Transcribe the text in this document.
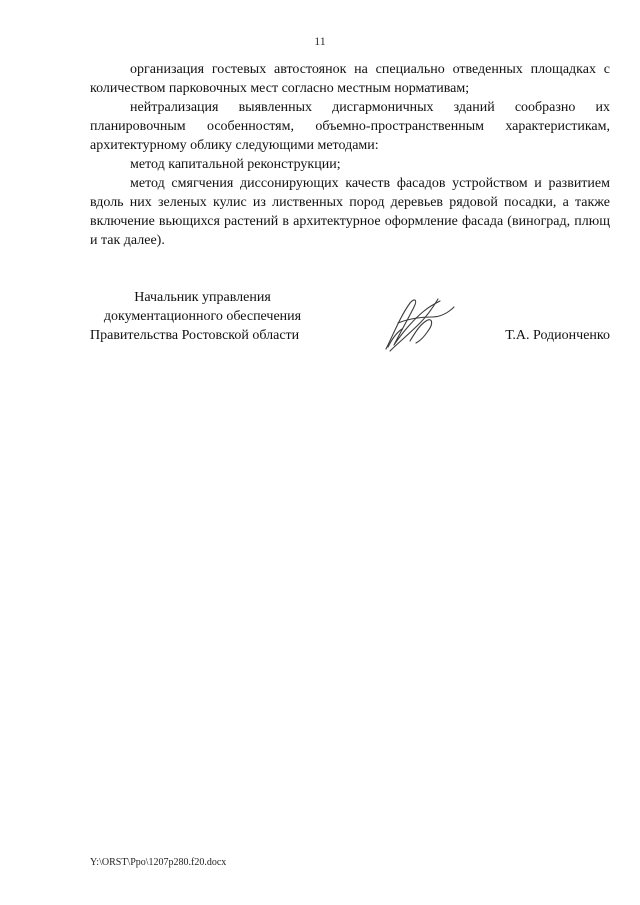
11

организация гостевых автостоянок на специально отведенных площадках с количеством парковочных мест согласно местным нормативам;

нейтрализация выявленных дисгармоничных зданий сообразно их планировочным особенностям, объемно-пространственным характеристикам, архитектурному облику следующими методами:

метод капитальной реконструкции;

метод смягчения диссонирующих качеств фасадов устройством и развитием вдоль них зеленых кулис из лиственных пород деревьев рядовой посадки, а также включение вьющихся растений в архитектурное оформление фасада (виноград, плющ и так далее).

Начальник управления
документационного обеспечения
Правительства Ростовской области	Т.А. Родионченко
Y:\ORST\Ppo\1207p280.f20.docx
